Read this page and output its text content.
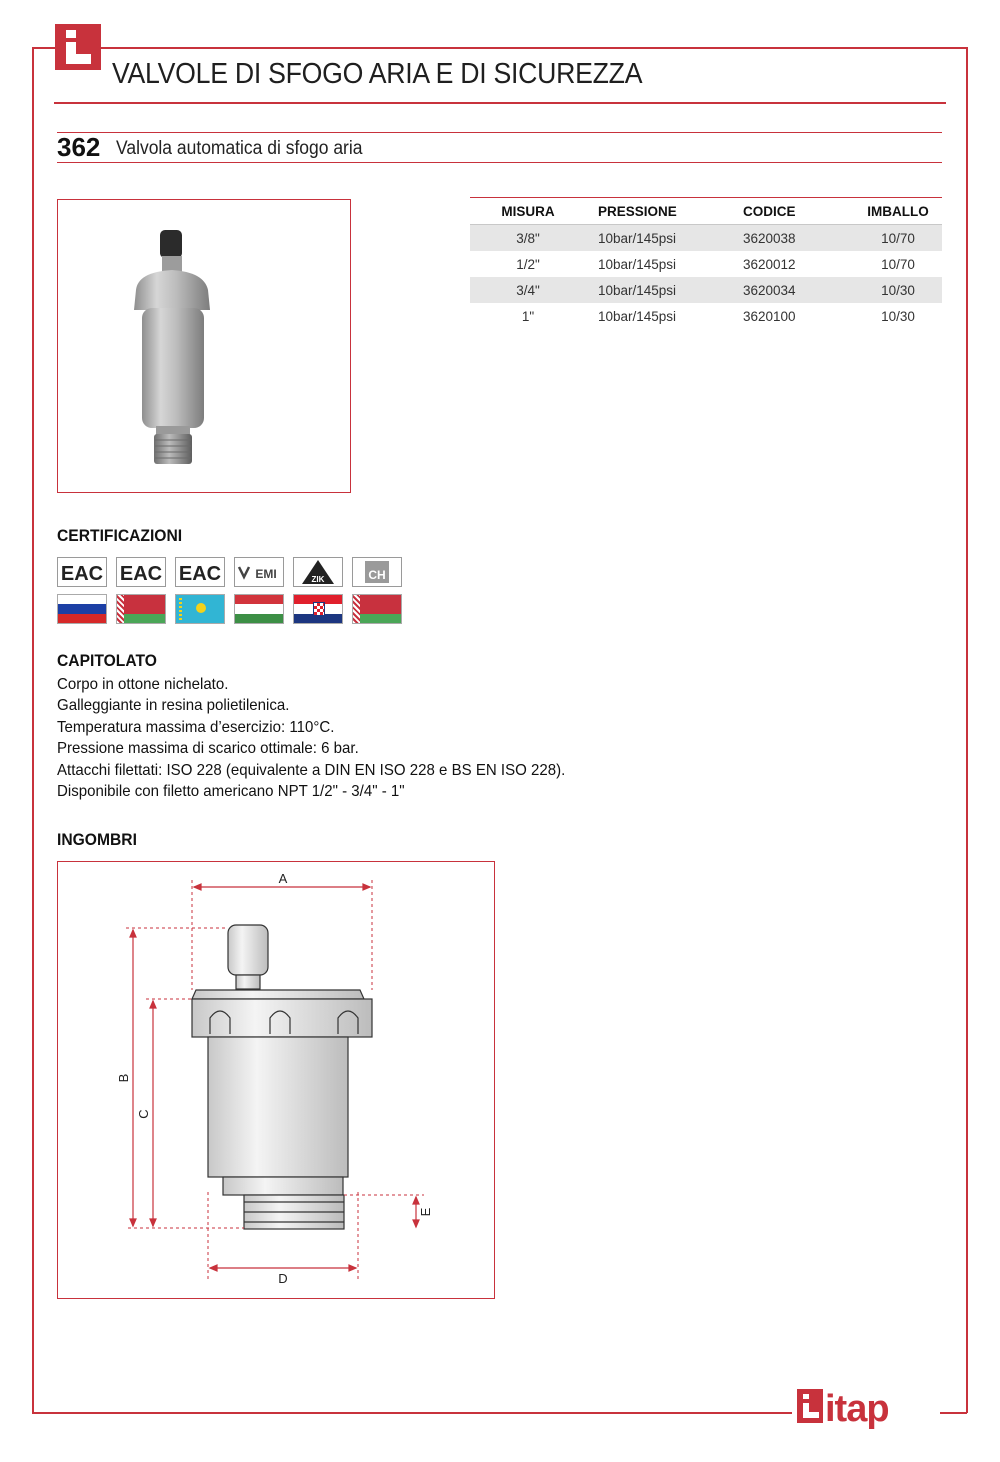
VALVOLE DI SFOGO ARIA E DI SICUREZZA
362 Valvola automatica di sfogo aria
MISURA	PRESSIONE	CODICE	IMBALLO
3/8"	10bar/145psi	3620038	10/70
1/2"	10bar/145psi	3620012	10/70
3/4"	10bar/145psi	3620034	10/30
1"	10bar/145psi	3620100	10/30
CERTIFICAZIONI
EAC EAC EAC	EMI	ZIK	CH
CAPITOLATO
Corpo in ottone nichelato.
Galleggiante in resina polietilenica.
Temperatura massima d’esercizio: 110°C.
Pressione massima di scarico ottimale: 6 bar.
Attacchi filettati: ISO 228 (equivalente a DIN EN ISO 228 e BS EN ISO 228).
Disponibile con filetto americano NPT 1/2" - 3/4" - 1"
INGOMBRI
A
D
B
C
E
itap
